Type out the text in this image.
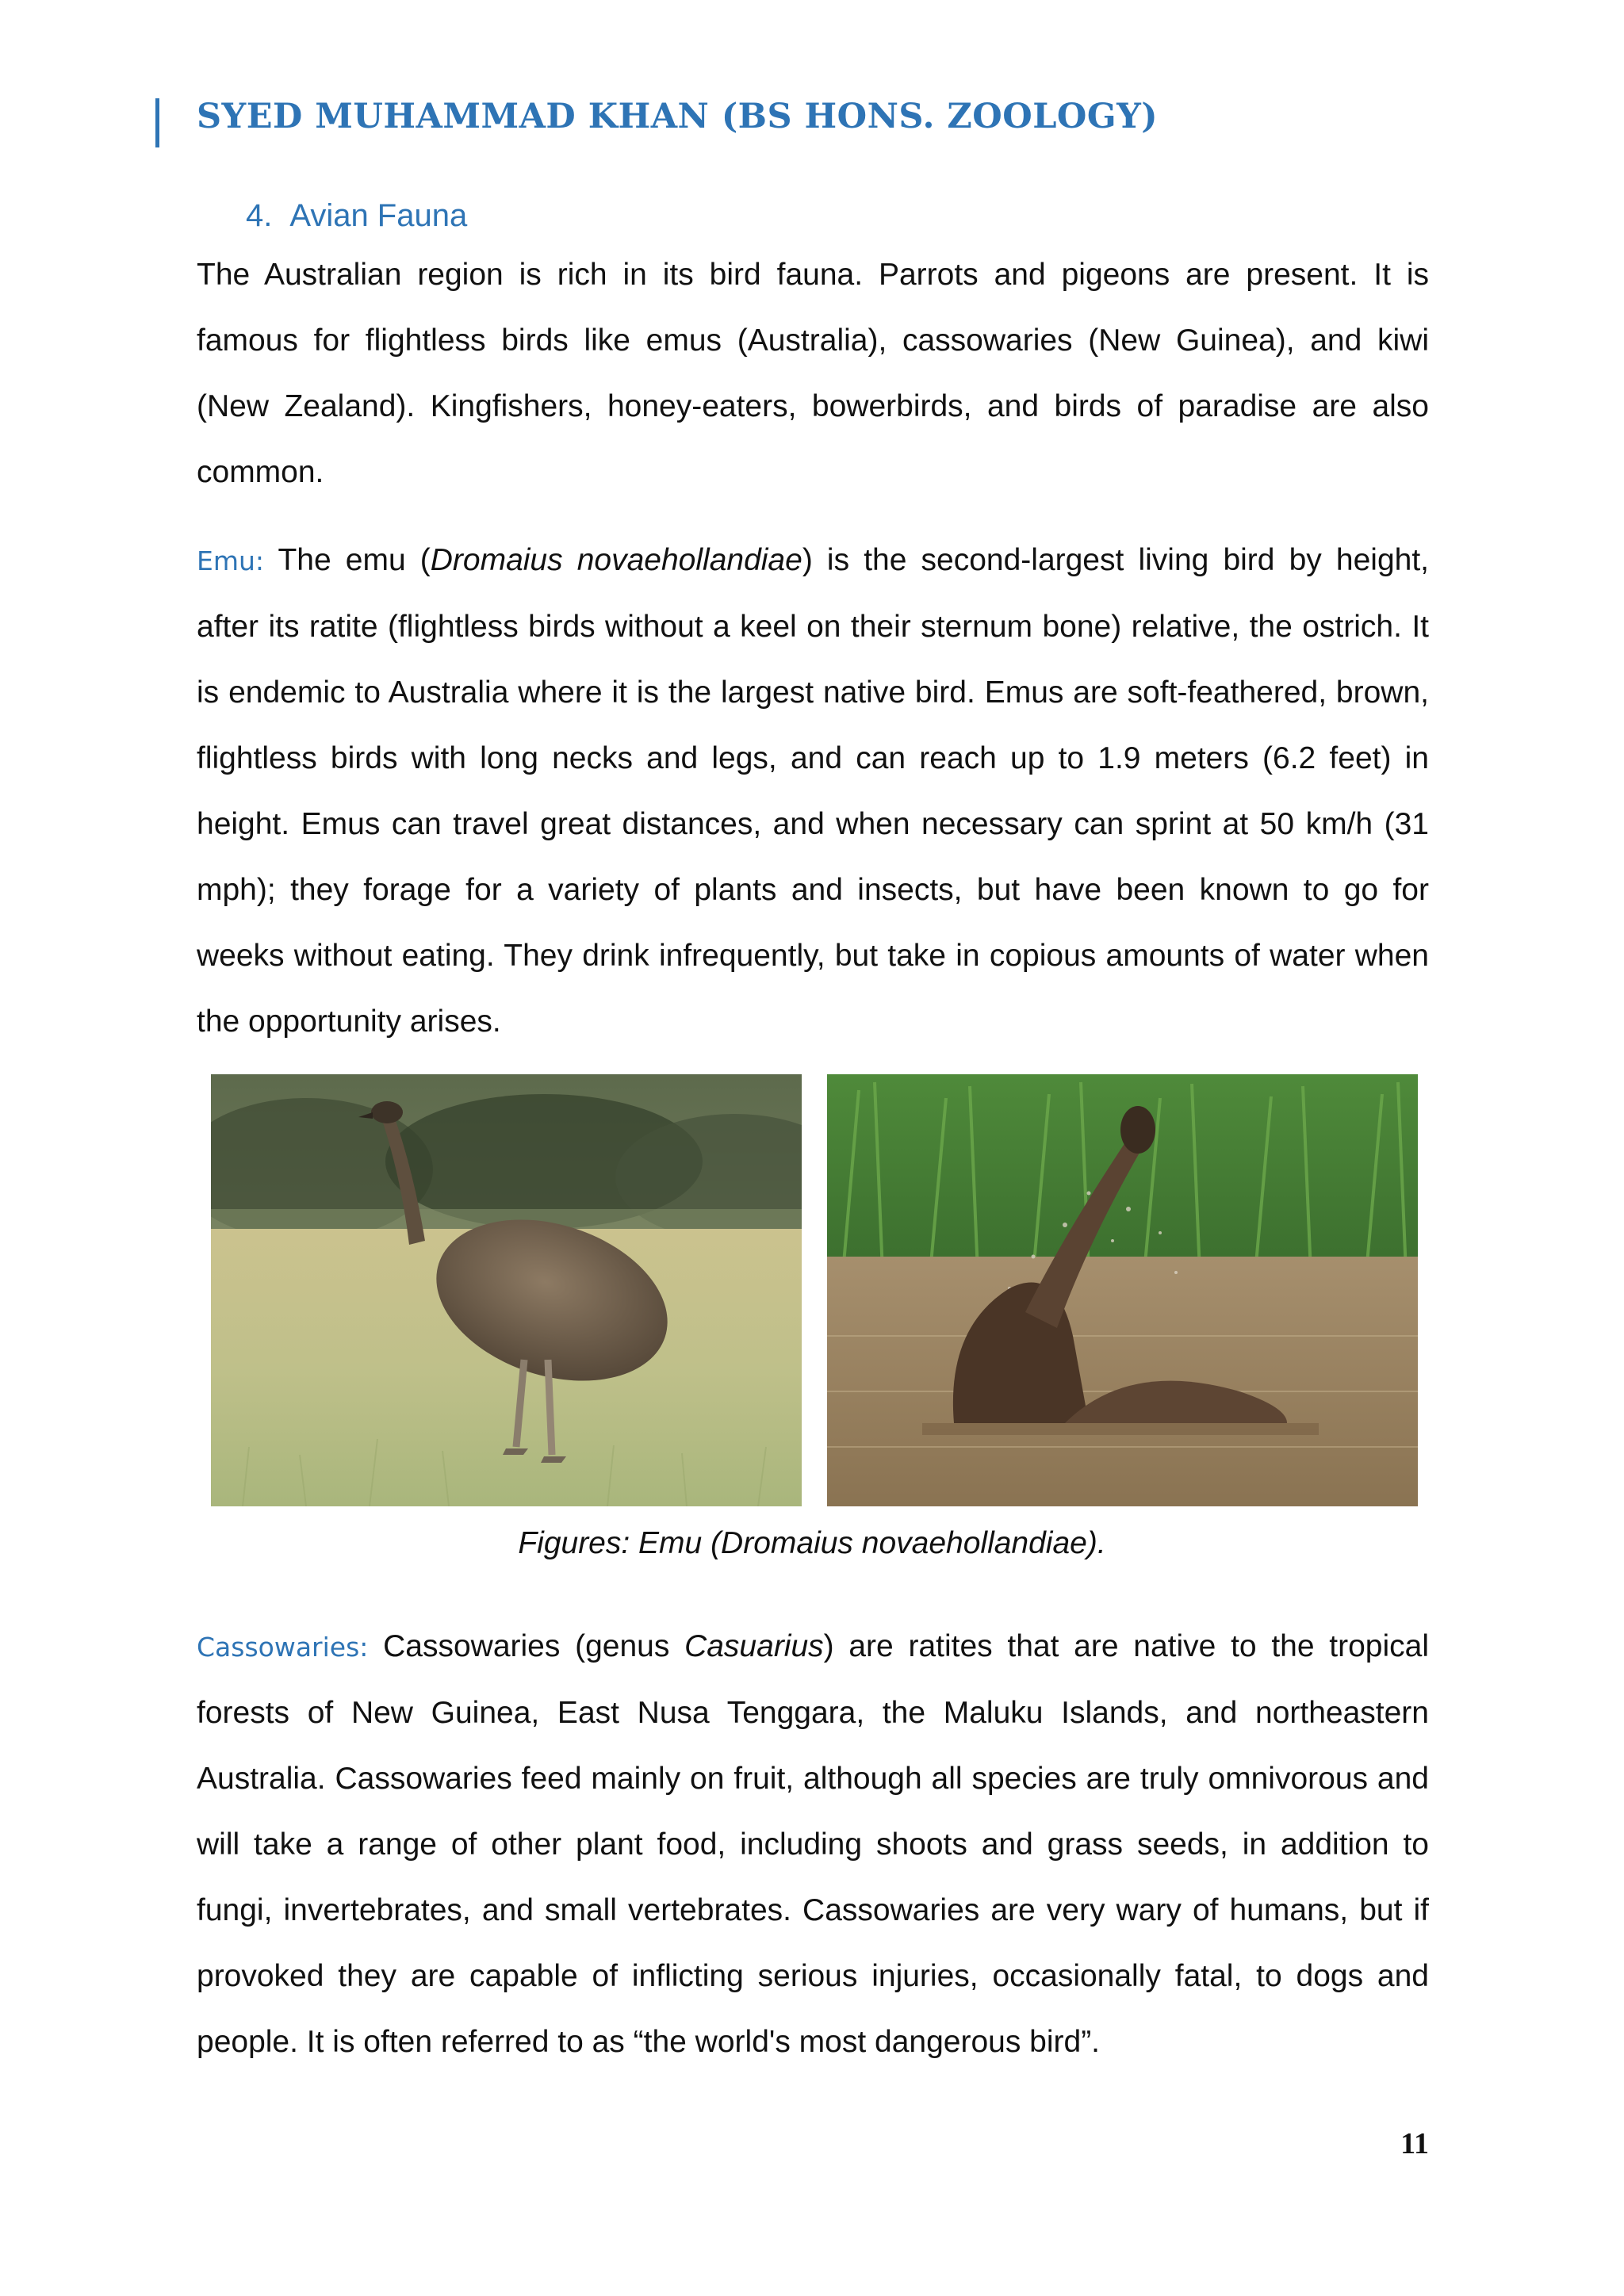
SYED MUHAMMAD KHAN (BS HONS. ZOOLOGY)
4. Avian Fauna

The Australian region is rich in its bird fauna. Parrots and pigeons are present. It is famous for flightless birds like emus (Australia), cassowaries (New Guinea), and kiwi (New Zealand). Kingfishers, honey-eaters, bowerbirds, and birds of paradise are also common.

Emu: The emu (Dromaius novaehollandiae) is the second-largest living bird by height, after its ratite (flightless birds without a keel on their sternum bone) relative, the ostrich. It is endemic to Australia where it is the largest native bird. Emus are soft-feathered, brown, flightless birds with long necks and legs, and can reach up to 1.9 meters (6.2 feet) in height. Emus can travel great distances, and when necessary can sprint at 50 km/h (31 mph); they forage for a variety of plants and insects, but have been known to go for weeks without eating. They drink infrequently, but take in copious amounts of water when the opportunity arises.

Figures: Emu (Dromaius novaehollandiae).

Cassowaries: Cassowaries (genus Casuarius) are ratites that are native to the tropical forests of New Guinea, East Nusa Tenggara, the Maluku Islands, and northeastern Australia. Cassowaries feed mainly on fruit, although all species are truly omnivorous and will take a range of other plant food, including shoots and grass seeds, in addition to fungi, invertebrates, and small vertebrates. Cassowaries are very wary of humans, but if provoked they are capable of inflicting serious injuries, occasionally fatal, to dogs and people. It is often referred to as “the world's most dangerous bird”.

11
